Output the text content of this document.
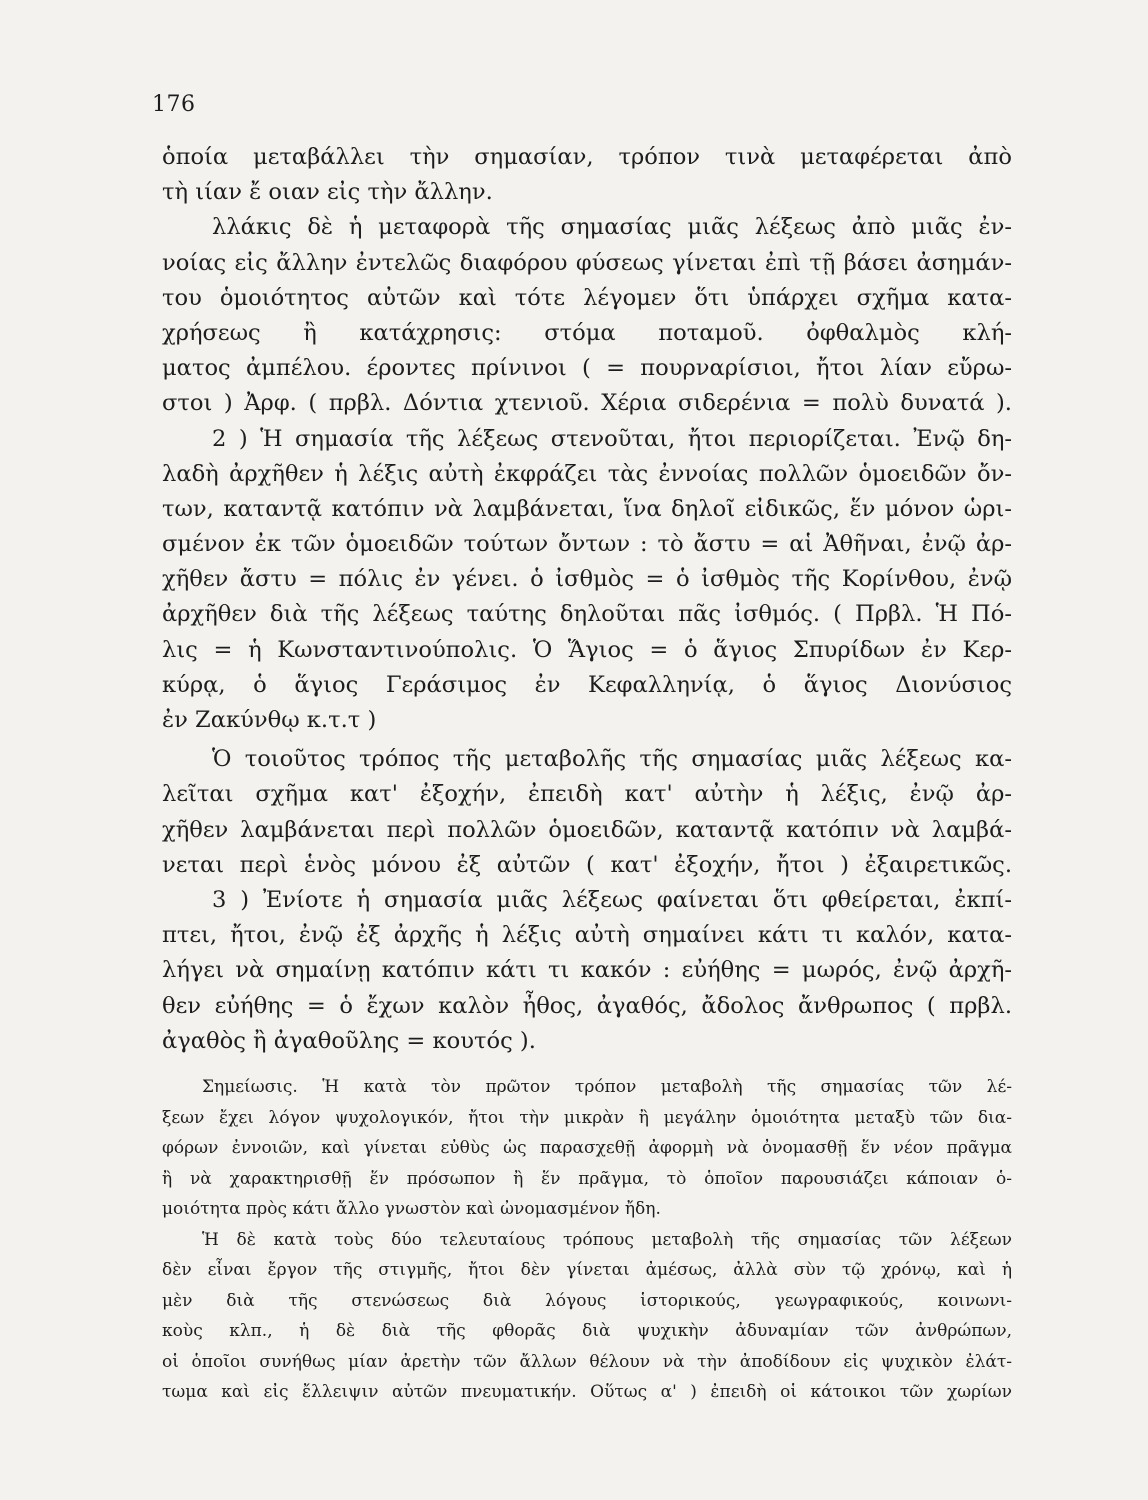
176
ὁποία μεταβάλλει τὴν σημασίαν, τρόπον τινὰ μεταφέρεται ἀπὸ
τὴ ιίαν ἔ οιαν εἰς τὴν ἄλλην.
λλάκις δὲ ἡ μεταφορὰ τῆς σημασίας μιᾶς λέξεως ἀπὸ μιᾶς ἐν-
νοίας εἰς ἄλλην ἐντελῶς διαφόρου φύσεως γίνεται ἐπὶ τῇ βάσει ἀσημάν-
του ὁμοιότητος αὐτῶν καὶ τότε λέγομεν ὅτι ὑπάρχει σχῆμα κατα-
χρήσεως ἢ κατάχρησις: στόμα ποταμοῦ. ὀφθαλμὸς κλή-
ματος ἀμπέλου. έροντες πρίνινοι ( = πουρναρίσιοι, ἤτοι λίαν εὔρω-
στοι ) Ἀρφ. ( πρβλ. Δόντια χτενιοῦ. Χέρια σιδερένια = πολὺ δυνατά ).
2 ) Ἡ σημασία τῆς λέξεως στενοῦται, ἤτοι περιορίζεται. Ἐνῷ δη-
λαδὴ ἀρχῆθεν ἡ λέξις αὐτὴ ἐκφράζει τὰς ἐννοίας πολλῶν ὁμοειδῶν ὄν-
των, καταντᾷ κατόπιν νὰ λαμβάνεται, ἵνα δηλοῖ εἰδικῶς, ἕν μόνον ὡρι-
σμένον ἐκ τῶν ὁμοειδῶν τούτων ὄντων : τὸ ἄστυ = αἱ Ἀθῆναι, ἐνῷ ἀρ-
χῆθεν ἄστυ = πόλις ἐν γένει. ὁ ἰσθμὸς = ὁ ἰσθμὸς τῆς Κορίνθου, ἐνῷ
ἀρχῆθεν διὰ τῆς λέξεως ταύτης δηλοῦται πᾶς ἰσθμός. ( Πρβλ. Ἡ Πό-
λις = ἡ Κωνσταντινούπολις. Ὁ Ἅγιος = ὁ ἅγιος Σπυρίδων ἐν Κερ-
κύρᾳ, ὁ ἅγιος Γεράσιμος ἐν Κεφαλληνίᾳ, ὁ ἅγιος Διονύσιος
ἐν Ζακύνθῳ κ.τ.τ )
Ὁ τοιοῦτος τρόπος τῆς μεταβολῆς τῆς σημασίας μιᾶς λέξεως κα-
λεῖται σχῆμα κατ' ἐξοχήν, ἐπειδὴ κατ' αὐτὴν ἡ λέξις, ἐνῷ ἀρ-
χῆθεν λαμβάνεται περὶ πολλῶν ὁμοειδῶν, καταντᾷ κατόπιν νὰ λαμβά-
νεται περὶ ἑνὸς μόνου ἐξ αὐτῶν ( κατ' ἐξοχήν, ἤτοι ) ἐξαιρετικῶς.
3 ) Ἐνίοτε ἡ σημασία μιᾶς λέξεως φαίνεται ὅτι φθείρεται, ἐκπί-
πτει, ἤτοι, ἐνῷ ἐξ ἀρχῆς ἡ λέξις αὐτὴ σημαίνει κάτι τι καλόν, κατα-
λήγει νὰ σημαίνῃ κατόπιν κάτι τι κακόν : εὐήθης = μωρός, ἐνῷ ἀρχῆ-
θεν εὐήθης = ὁ ἔχων καλὸν ἦθος, ἀγαθός, ἄδολος ἄνθρωπος ( πρβλ.
ἀγαθὸς ἢ ἀγαθοῦλης = κουτός ).
Σημείωσις. Ἡ κατὰ τὸν πρῶτον τρόπον μεταβολὴ τῆς σημασίας τῶν λέ-
ξεων ἔχει λόγον ψυχολογικόν, ἤτοι τὴν μικρὰν ἢ μεγάλην ὁμοιότητα μεταξὺ τῶν δια-
φόρων ἐννοιῶν, καὶ γίνεται εὐθὺς ὡς παρασχεθῇ ἀφορμὴ νὰ ὀνομασθῇ ἕν νέον πρᾶγμα
ἢ νὰ χαρακτηρισθῇ ἕν πρόσωπον ἢ ἕν πρᾶγμα, τὸ ὁποῖον παρουσιάζει κάποιαν ὁ-
μοιότητα πρὸς κάτι ἄλλο γνωστὸν καὶ ὠνομασμένον ἤδη.
Ἡ δὲ κατὰ τοὺς δύο τελευταίους τρόπους μεταβολὴ τῆς σημασίας τῶν λέξεων
δὲν εἶναι ἔργον τῆς στιγμῆς, ἤτοι δὲν γίνεται ἀμέσως, ἀλλὰ σὺν τῷ χρόνῳ, καὶ ἡ
μὲν διὰ τῆς στενώσεως διὰ λόγους ἱστορικούς, γεωγραφικούς, κοινωνι-
κοὺς κλπ., ἡ δὲ διὰ τῆς φθορᾶς διὰ ψυχικὴν ἀδυναμίαν τῶν ἀνθρώπων,
οἱ ὁποῖοι συνήθως μίαν ἀρετὴν τῶν ἄλλων θέλουν νὰ τὴν ἀποδίδουν εἰς ψυχικὸν ἐλάτ-
τωμα καὶ εἰς ἔλλειψιν αὐτῶν πνευματικήν. Οὕτως α' ) ἐπειδὴ οἱ κάτοικοι τῶν χωρίων
